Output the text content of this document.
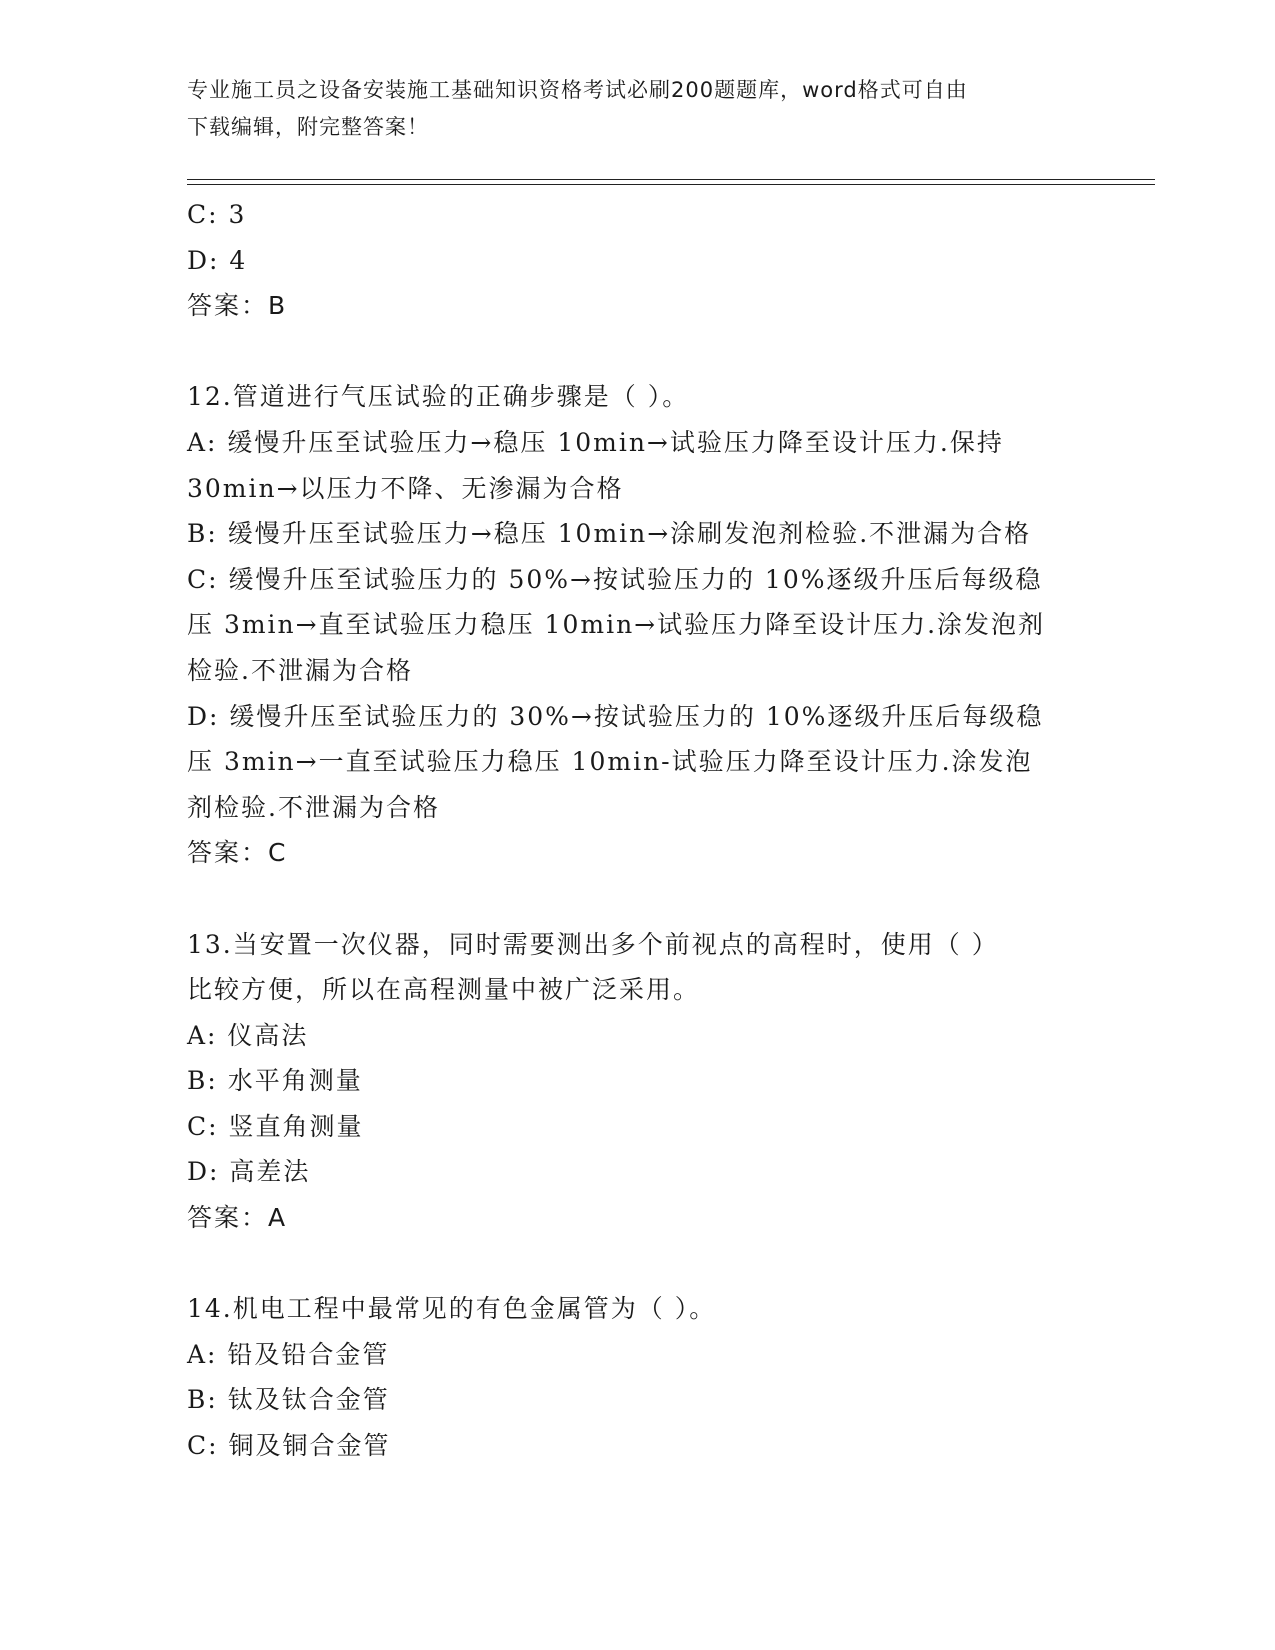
专业施工员之设备安装施工基础知识资格考试必刷200题题库，word格式可自由
下载编辑，附完整答案！
C: 3
D: 4
答案：B
12.管道进行气压试验的正确步骤是（ ）。
A: 缓慢升压至试验压力→稳压 10min→试验压力降至设计压力.保持
30min→以压力不降、无渗漏为合格
B: 缓慢升压至试验压力→稳压 10min→涂刷发泡剂检验.不泄漏为合格
C: 缓慢升压至试验压力的 50%→按试验压力的 10%逐级升压后每级稳
压 3min→直至试验压力稳压 10min→试验压力降至设计压力.涂发泡剂
检验.不泄漏为合格
D: 缓慢升压至试验压力的 30%→按试验压力的 10%逐级升压后每级稳
压 3min→一直至试验压力稳压 10min-试验压力降至设计压力.涂发泡
剂检验.不泄漏为合格
答案：C
13.当安置一次仪器，同时需要测出多个前视点的高程时，使用（ ）
比较方便，所以在高程测量中被广泛采用。
A: 仪高法
B: 水平角测量
C: 竖直角测量
D: 高差法
答案：A
14.机电工程中最常见的有色金属管为（ ）。
A: 铅及铅合金管
B: 钛及钛合金管
C: 铜及铜合金管
